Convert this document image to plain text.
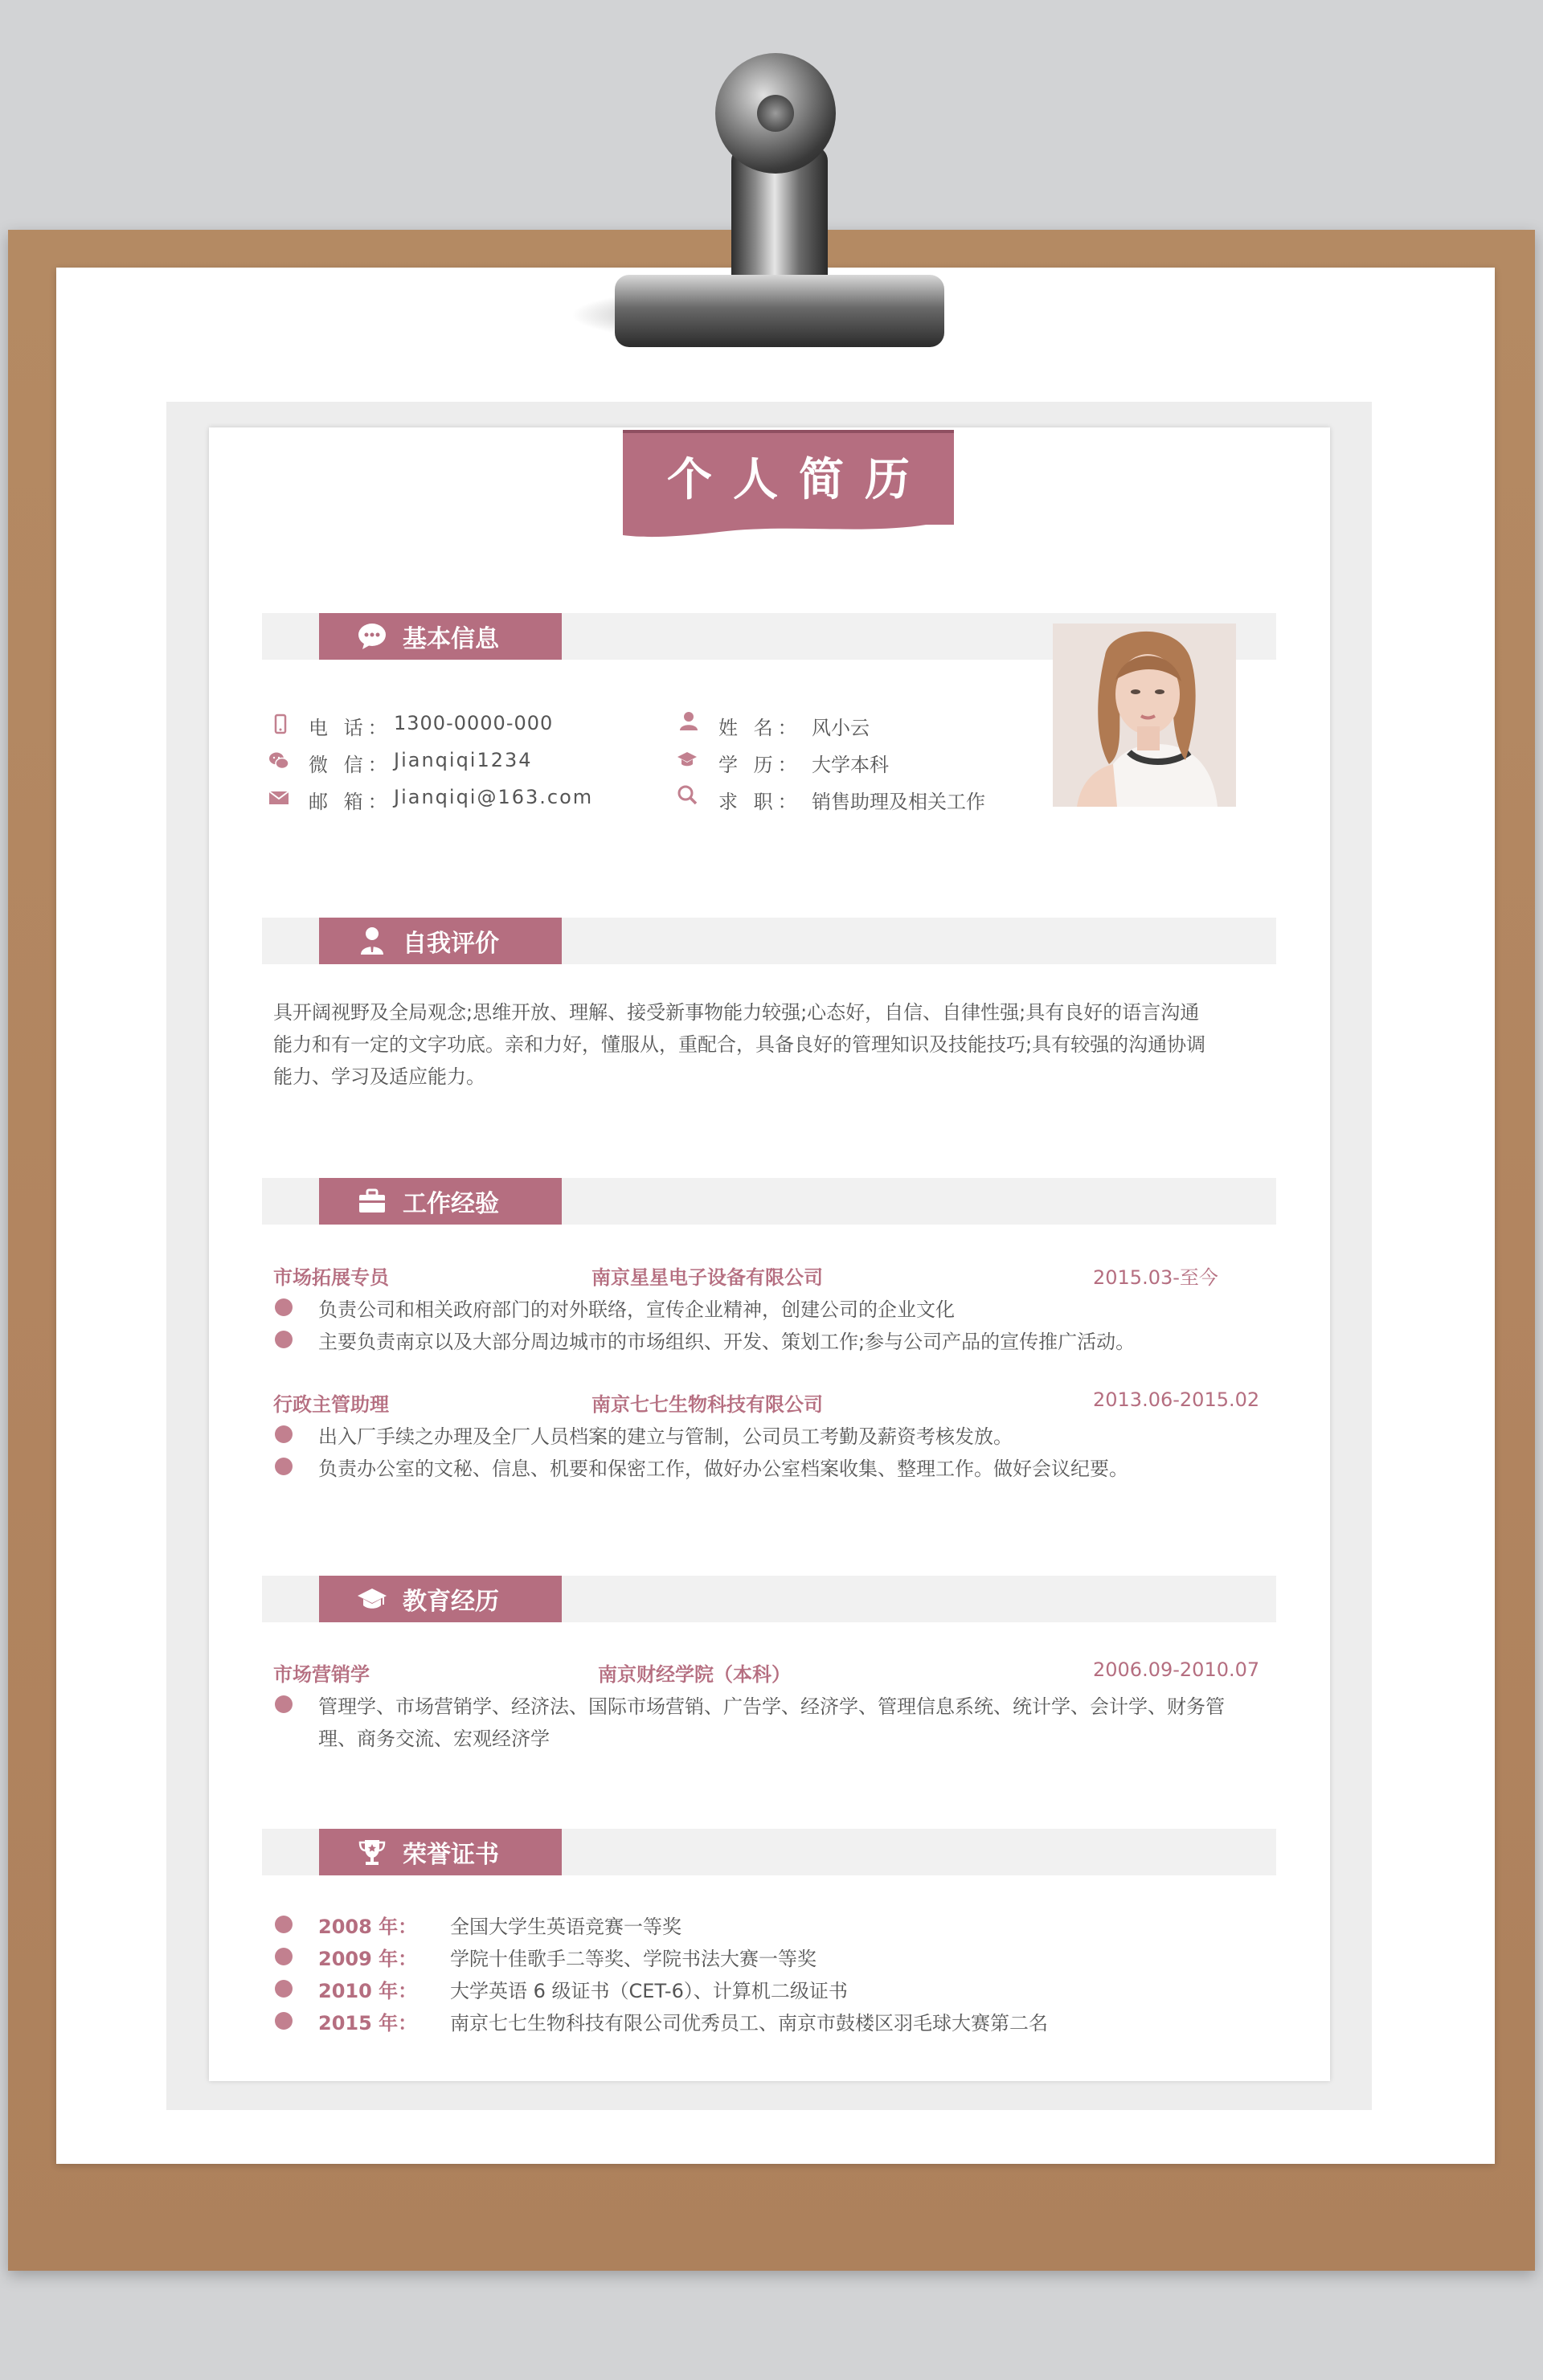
个人简历
基本信息
电 话： 1300-0000-000
微 信： Jianqiqi1234
邮 箱： Jianqiqi@163.com
姓 名： 风小云
学 历： 大学本科
求 职： 销售助理及相关工作
自我评价
具开阔视野及全局观念;思维开放、理解、接受新事物能力较强;心态好，自信、自律性强;具有良好的语言沟通
能力和有一定的文字功底。亲和力好，懂服从，重配合，具备良好的管理知识及技能技巧;具有较强的沟通协调
能力、学习及适应能力。
工作经验
市场拓展专员	南京星星电子设备有限公司	2015.03-至今
负责公司和相关政府部门的对外联络，宣传企业精神，创建公司的企业文化
主要负责南京以及大部分周边城市的市场组织、开发、策划工作;参与公司产品的宣传推广活动。
行政主管助理	南京七七生物科技有限公司	2013.06-2015.02
出入厂手续之办理及全厂人员档案的建立与管制，公司员工考勤及薪资考核发放。
负责办公室的文秘、信息、机要和保密工作，做好办公室档案收集、整理工作。做好会议纪要。
教育经历
市场营销学	南京财经学院（本科）	2006.09-2010.07
管理学、市场营销学、经济法、国际市场营销、广告学、经济学、管理信息系统、统计学、会计学、财务管
理、商务交流、宏观经济学
荣誉证书
2008 年： 全国大学生英语竞赛一等奖
2009 年： 学院十佳歌手二等奖、学院书法大赛一等奖
2010 年： 大学英语 6 级证书（CET-6）、计算机二级证书
2015 年： 南京七七生物科技有限公司优秀员工、南京市鼓楼区羽毛球大赛第二名
